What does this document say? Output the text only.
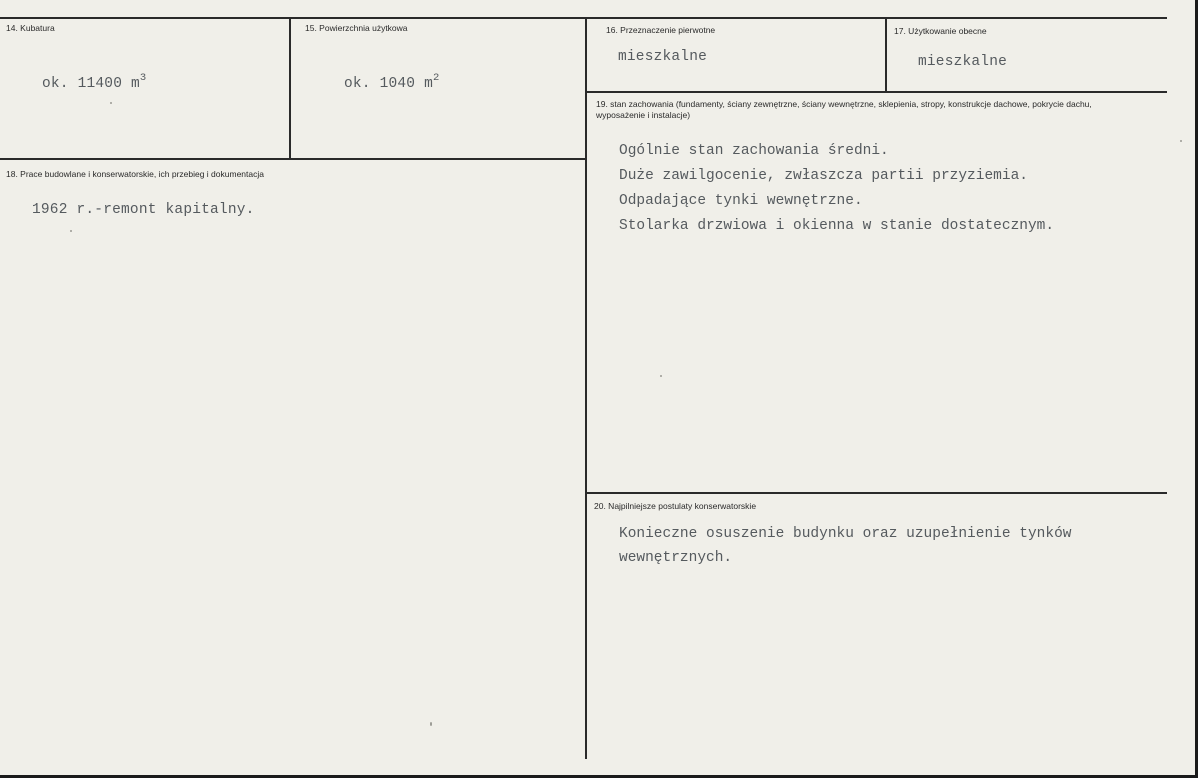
14. Kubatura
ok. 11400 $m^3$
15. Powierzchnia użytkowa
ok. 1040 $m^2$
16. Przeznaczenie pierwotne
mieszkalne
17. Użytkowanie obecne
mieszkalne
18. Prace budowlane i konserwatorskie, ich przebieg i dokumentacja
1962 r.-remont kapitalny.
19. stan zachowania (fundamenty, ściany zewnętrzne, ściany wewnętrzne, sklepienia, stropy, konstrukcje dachowe, pokrycie dachu, wyposażenie i instalacje)
Ogólnie stan zachowania średni.
Duże zawilgocenie, zwłaszcza partii przyziemia.
Odpadające tynki wewnętrzne.
Stolarka drzwiowa i okienna w stanie dostatecznym.
20. Najpilniejsze postulaty konserwatorskie
Konieczne osuszenie budynku oraz uzupełnienie tynków wewnętrznych.
